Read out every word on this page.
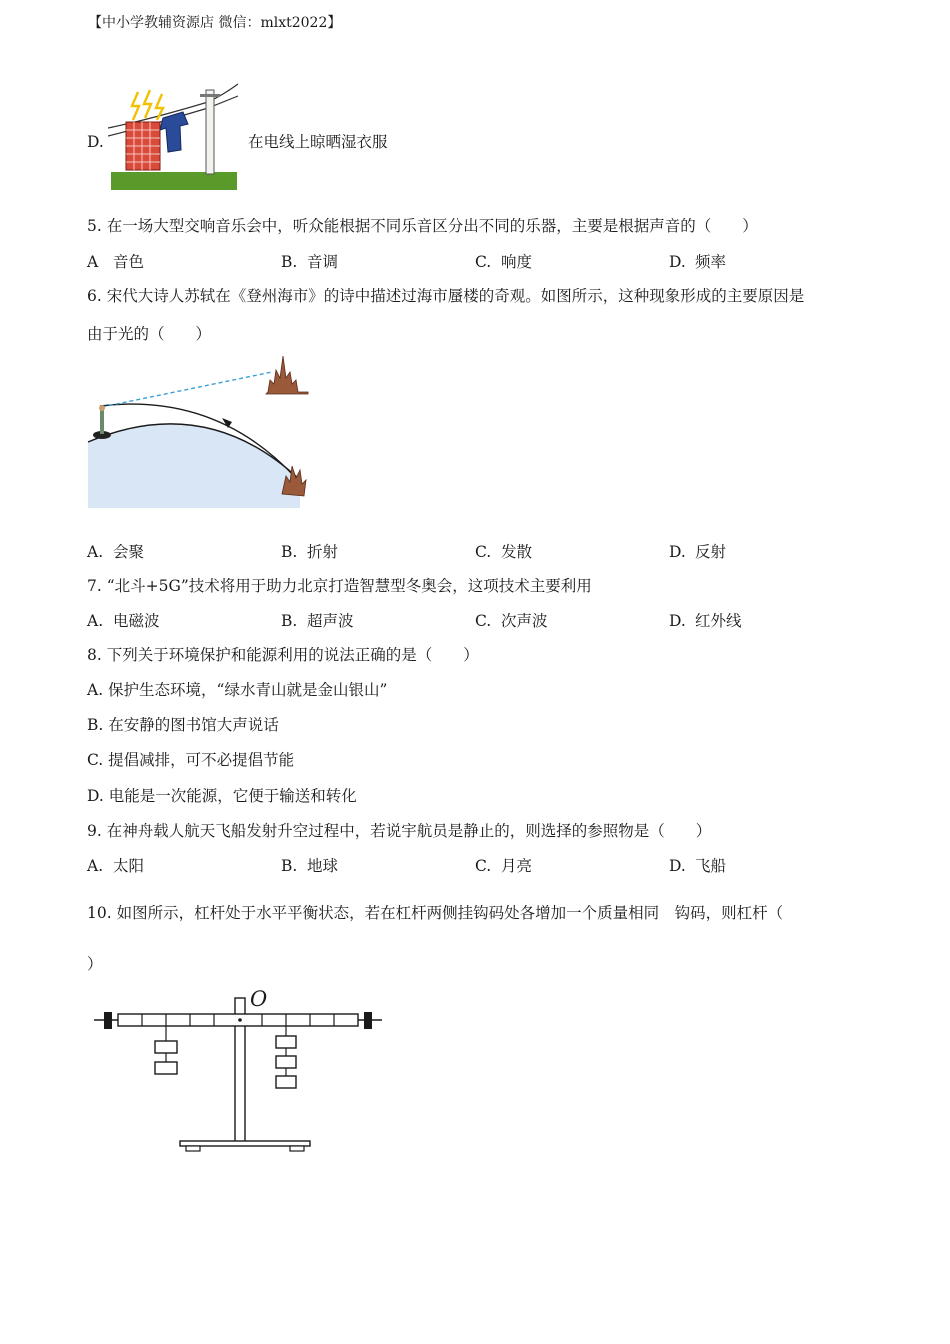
【中小学教辅资源店 微信：mlxt2022】
D.	在电线上晾晒湿衣服
5. 在一场大型交响音乐会中，听众能根据不同乐音区分出不同的乐器，主要是根据声音的（　　）
A 音色	B. 音调	C. 响度	D. 频率
6. 宋代大诗人苏轼在《登州海市》的诗中描述过海市蜃楼的奇观。如图所示，这种现象形成的主要原因是
由于光的（　　）
A. 会聚	B. 折射	C. 发散	D. 反射
7. “北斗+5G”技术将用于助力北京打造智慧型冬奥会，这项技术主要利用
A. 电磁波	B. 超声波	C. 次声波	D. 红外线
8. 下列关于环境保护和能源利用的说法正确的是（　　）
A. 保护生态环境，“绿水青山就是金山银山”
B. 在安静的图书馆大声说话
C. 提倡减排，可不必提倡节能
D. 电能是一次能源，它便于输送和转化
9. 在神舟载人航天飞船发射升空过程中，若说宇航员是静止的，则选择的参照物是（　　）
A. 太阳	B. 地球	C. 月亮	D. 飞船
10. 如图所示，杠杆处于水平平衡状态，若在杠杆两侧挂钩码处各增加一个质量相同　钩码，则杠杆（
）
O
